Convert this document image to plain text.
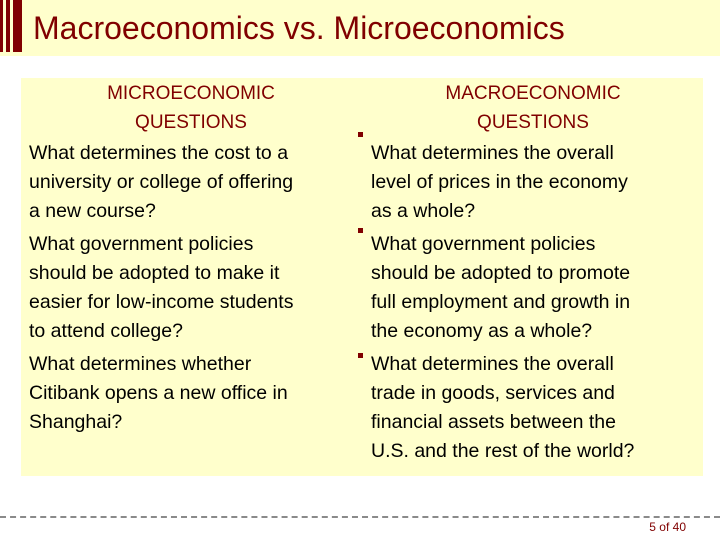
Macroeconomics vs. Microeconomics
MICROECONOMIC
QUESTIONS
What determines the cost to a
university or college of offering
a new course?
What government policies
should be adopted to make it
easier for low-income students
to attend college?
What determines whether
Citibank opens a new office in
Shanghai?
MACROECONOMIC
QUESTIONS
What determines the overall
level of prices in the economy
as a whole?
What government policies
should be adopted to promote
full employment and growth in
the economy as a whole?
What determines the overall
trade in goods, services and
financial assets between the
U.S. and the rest of the world?
5 of 40
